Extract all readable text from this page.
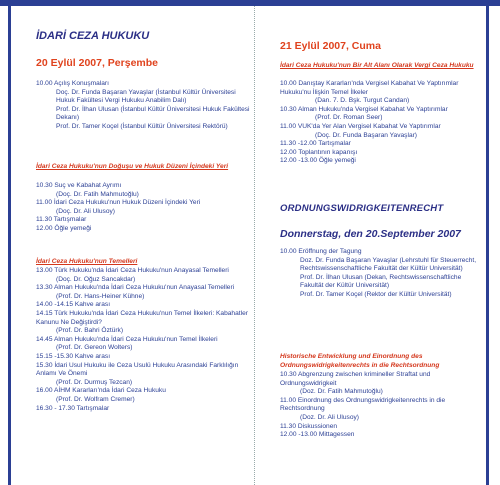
İDARİ CEZA HUKUKU
20 Eylül 2007, Perşembe
10.00 Açılış Konuşmaları
Doç. Dr. Funda Başaran Yavaşlar (İstanbul Kültür Üniversitesi Hukuk Fakültesi Vergi Hukuku Anabilim Dalı)
Prof. Dr. İlhan Ulusan (İstanbul Kültür Üniversitesi Hukuk Fakültesi Dekanı)
Prof. Dr. Tamer Koçel (İstanbul Kültür Üniversitesi Rektörü)
İdari Ceza Hukuku'nun Doğuşu ve Hukuk Düzeni İçindeki Yeri
10.30 Suç ve Kabahat Ayrımı
(Doç. Dr. Fatih Mahmutoğlu)
11.00 İdari Ceza Hukuku'nun Hukuk Düzeni İçindeki Yeri
(Doç. Dr. Ali Ulusoy)
11.30 Tartışmalar
12.00 Öğle yemeği
İdari Ceza Hukuku'nun Temelleri
13.00 Türk Hukuku'nda İdari Ceza Hukuku'nun Anayasal Temelleri
(Doç. Dr. Oğuz Sancakdar)
13.30 Alman Hukuku'nda İdari Ceza Hukuku'nun Anayasal Temelleri
(Prof. Dr. Hans-Heiner Kühne)
14.00 -14.15 Kahve arası
14.15 Türk Hukuku'nda İdari Ceza Hukuku'nun Temel İlkeleri: Kabahatler Kanunu Ne Değiştirdi?
(Prof. Dr. Bahri Öztürk)
14.45 Alman Hukuku'nda İdari Ceza Hukuku'nun Temel İlkeleri
(Prof. Dr. Gereon Wolters)
15.15 -15.30 Kahve arası
15.30 İdari Usul Hukuku ile Ceza Usulü Hukuku Arasındaki Farklılığın Anlamı Ve Önemi
(Prof. Dr. Durmuş Tezcan)
16.00 AİHM Kararları'nda İdari Ceza Hukuku
(Prof. Dr. Wolfram Cremer)
16.30 - 17.30 Tartışmalar
21 Eylül 2007, Cuma
İdari Ceza Hukuku'nun Bir Alt Alanı Olarak Vergi Ceza Hukuku
10.00 Danıştay Kararları'nda Vergisel Kabahat Ve Yaptırımlar Hukuku'nu İlişkin Temel İlkeler
(Dan. 7. D. Bşk. Turgut Candan)
10.30 Alman Hukuku'nda Vergisel Kabahat Ve Yaptırımlar
(Prof. Dr. Roman Seer)
11.00 VUK'da Yer Alan Vergisel Kabahat Ve Yaptırımlar
(Doç. Dr. Funda Başaran Yavaşlar)
11.30 -12.00 Tartışmalar
12.00 Toplantının kapanışı
12.00 -13.00 Öğle yemeği
ORDNUNGSWIDRIGKEITENRECHT
Donnerstag, den 20.September 2007
10.00 Eröffnung der Tagung
Doz. Dr. Funda Başaran Yavaşlar (Lehrstuhl für Steuerrecht, Rechtswissenschaftliche Fakultät der Kültür Universität)
Prof. Dr. İlhan Ulusan (Dekan, Rechtswissenschaftliche Fakultät der Kültür Universität)
Prof. Dr. Tamer Koçel (Rektor der Kültür Universität)
Historische Entwicklung und Einordnung des Ordnungswidrigkeitenrechts in die Rechtsordnung
10.30 Abgrenzung zwischen krimineller Straftat und Ordnungswidrigkeit
(Doz. Dr. Fatih Mahmutoğlu)
11.00 Einordnung des Ordnungswidrigkeitenrechts in die Rechtsordnung
(Doz. Dr. Ali Ulusoy)
11.30 Diskussionen
12.00 -13.00 Mittagessen
